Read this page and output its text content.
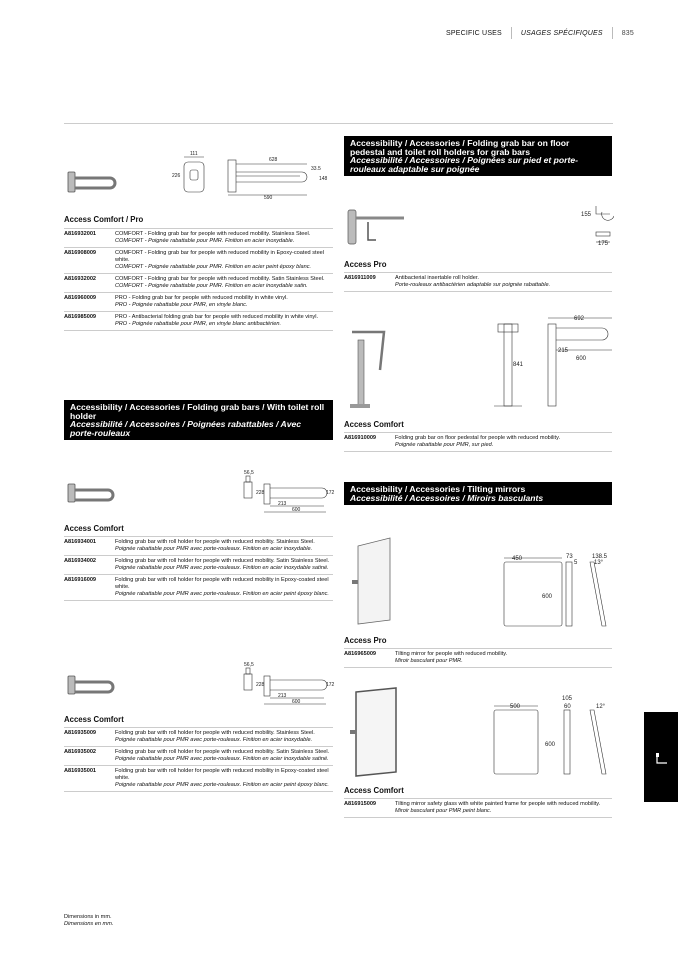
SPECIFIC USES	USAGES SPÉCIFIQUES	835
111
628
226
33.5
148
590
Access Comfort / Pro
A816932001	COMFORT - Folding grab bar for people with reduced mobility. Stainless Steel.
COMFORT - Poignée rabattable pour PMR. Finition en acier inoxydable.

A816908009	COMFORT - Folding grab bar for people with reduced mobility in Epoxy-coated steel white.
COMFORT - Poignée rabattable pour PMR. Finition en acier peint époxy blanc.

A816932002	COMFORT - Folding grab bar for people with reduced mobility. Satin Stainless Steel.
COMFORT - Poignée rabattable pour PMR. Finition en acier inoxydable satin.

A816960009	PRO - Folding grab bar for people with reduced mobility in white vinyl.
PRO - Poignée rabattable pour PMR, en vinyle blanc.

A816985009	PRO - Antibacterial folding grab bar for people with reduced mobility in white vinyl.
PRO - Poignée rabattable pour PMR, en vinyle blanc antibactérien.
Accessibility / Accessories / Folding grab bars / With toilet roll holder
Accessibilité / Accessoires / Poignées rabattables / Avec porte-rouleaux
56,5
228	172
213
600
Access Comfort
A816934001	Folding grab bar with roll holder for people with reduced mobility. Stainless Steel.
Poignée rabattable pour PMR avec porte-rouleaux. Finition en acier inoxydable.

A816934002	Folding grab bar with roll holder for people with reduced mobility. Satin Stainless Steel.
Poignée rabattable pour PMR avec porte-rouleaux. Finition en acier inoxydable satiné.

A816916009	Folding grab bar with roll holder for people with reduced mobility in Epoxy-coated steel white.
Poignée rabattable pour PMR avec porte-rouleaux. Finition en acier peint époxy blanc.
56,5
228	172
213
600
Access Comfort
A816935009	Folding grab bar with roll holder for people with reduced mobility. Stainless Steel.
Poignée rabattable pour PMR avec porte-rouleaux. Finition en acier inoxydable.

A816935002	Folding grab bar with roll holder for people with reduced mobility. Satin Stainless Steel.
Poignée rabattable pour PMR avec porte-rouleaux. Finition en acier inoxydable satiné.

A816935001	Folding grab bar with roll holder for people with reduced mobility in Epoxy-coated steel white.
Poignée rabattable pour PMR avec porte-rouleaux. Finition en acier peint époxy blanc.
Accessibility / Accessories / Folding grab bar on floor pedestal and toilet roll holders for grab bars
Accessibilité / Accessoires / Poignées sur pied et porte-rouleaux adaptable sur poignée
155
175
Access Pro
A816911009	Antibacterial insertable roll holder.
Porte-rouleaux antibactérien adaptable sur poignée rabattable.
692
841
215
600
Access Comfort
A816910009	Folding grab bar on floor pedestal for people with reduced mobility.
Poignée rabattable pour PMR, sur pied.
Accessibility / Accessories / Tilting mirrors
Accessibilité / Accessoires / Miroirs basculants
450	73
5
138.5
13°
600
Access Pro
A816965009	Tilting mirror for people with reduced mobility.
Miroir basculant pour PMR.
500
105
60	12°
600
Access Comfort
A816915009	Tilting mirror safety glass with white painted frame for people with reduced mobility.
Miroir basculant pour PMR peint blanc.
Dimensions in mm.
Dimensions en mm.
